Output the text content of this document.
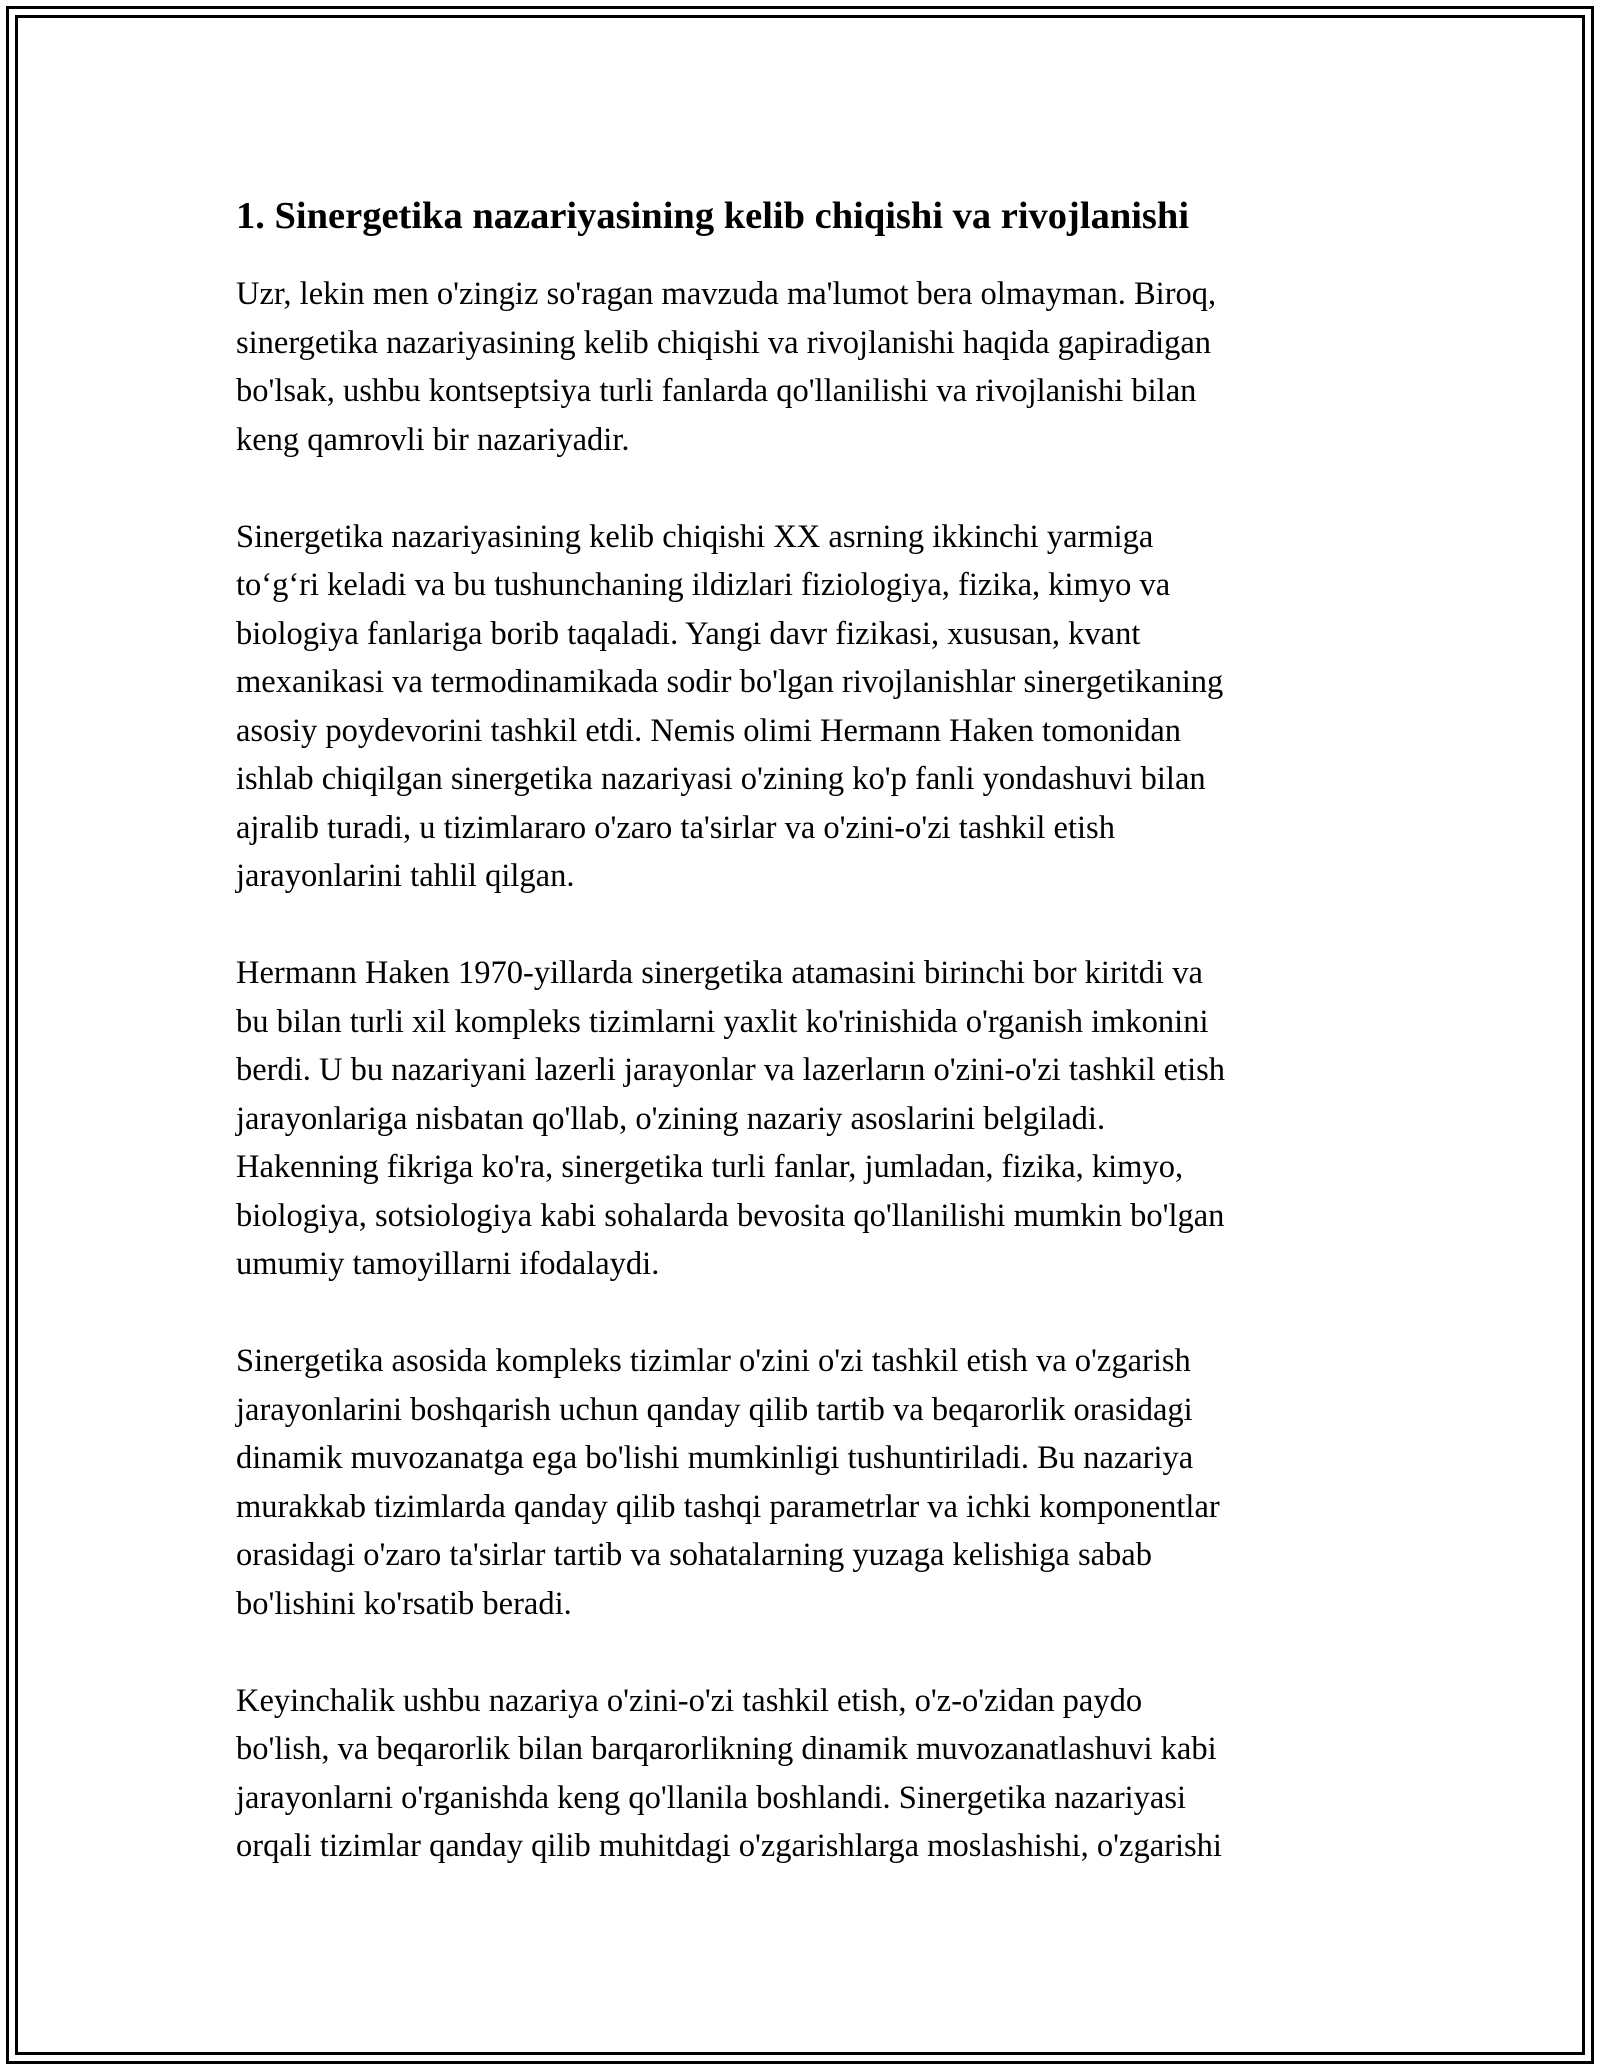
1. Sinergetika nazariyasining kelib chiqishi va rivojlanishi

Uzr, lekin men o'zingiz so'ragan mavzuda ma'lumot bera olmayman. Biroq,
sinergetika nazariyasining kelib chiqishi va rivojlanishi haqida gapiradigan
bo'lsak, ushbu kontseptsiya turli fanlarda qo'llanilishi va rivojlanishi bilan
keng qamrovli bir nazariyadir.

Sinergetika nazariyasining kelib chiqishi XX asrning ikkinchi yarmiga
to‘g‘ri keladi va bu tushunchaning ildizlari fiziologiya, fizika, kimyo va
biologiya fanlariga borib taqaladi. Yangi davr fizikasi, xususan, kvant
mexanikasi va termodinamikada sodir bo'lgan rivojlanishlar sinergetikaning
asosiy poydevorini tashkil etdi. Nemis olimi Hermann Haken tomonidan
ishlab chiqilgan sinergetika nazariyasi o'zining ko'p fanli yondashuvi bilan
ajralib turadi, u tizimlararo o'zaro ta'sirlar va o'zini-o'zi tashkil etish
jarayonlarini tahlil qilgan.

Hermann Haken 1970-yillarda sinergetika atamasini birinchi bor kiritdi va
bu bilan turli xil kompleks tizimlarni yaxlit ko'rinishida o'rganish imkonini
berdi. U bu nazariyani lazerli jarayonlar va lazerların o'zini-o'zi tashkil etish
jarayonlariga nisbatan qo'llab, o'zining nazariy asoslarini belgiladi.
Hakenning fikriga ko'ra, sinergetika turli fanlar, jumladan, fizika, kimyo,
biologiya, sotsiologiya kabi sohalarda bevosita qo'llanilishi mumkin bo'lgan
umumiy tamoyillarni ifodalaydi.

Sinergetika asosida kompleks tizimlar o'zini o'zi tashkil etish va o'zgarish
jarayonlarini boshqarish uchun qanday qilib tartib va beqarorlik orasidagi
dinamik muvozanatga ega bo'lishi mumkinligi tushuntiriladi. Bu nazariya
murakkab tizimlarda qanday qilib tashqi parametrlar va ichki komponentlar
orasidagi o'zaro ta'sirlar tartib va sohatalarning yuzaga kelishiga sabab
bo'lishini ko'rsatib beradi.

Keyinchalik ushbu nazariya o'zini-o'zi tashkil etish, o'z-o'zidan paydo
bo'lish, va beqarorlik bilan barqarorlikning dinamik muvozanatlashuvi kabi
jarayonlarni o'rganishda keng qo'llanila boshlandi. Sinergetika nazariyasi
orqali tizimlar qanday qilib muhitdagi o'zgarishlarga moslashishi, o'zgarishi
